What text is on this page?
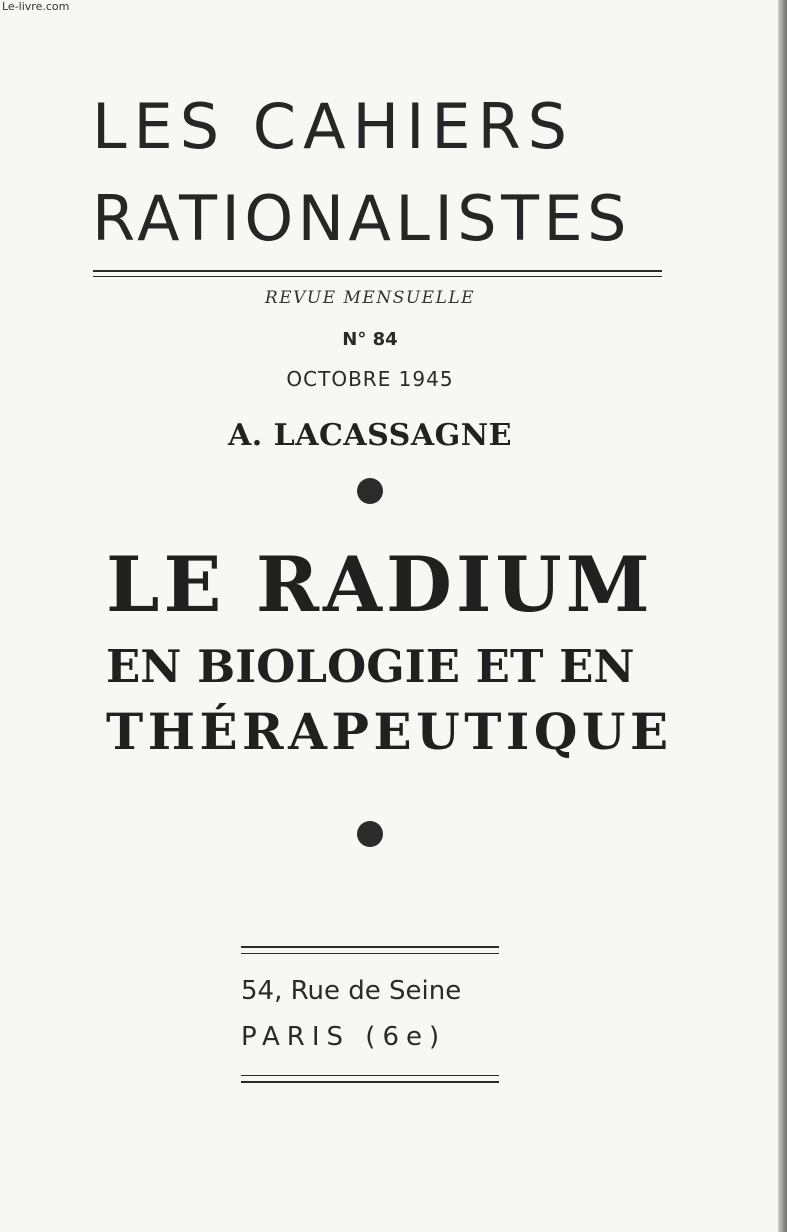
Le-livre.com
LES CAHIERS
RATIONALISTES
REVUE MENSUELLE
N° 84
OCTOBRE 1945
A. LACASSAGNE
LE RADIUM
EN BIOLOGIE ET EN
THÉRAPEUTIQUE
54, Rue de Seine
PARIS (6e)
